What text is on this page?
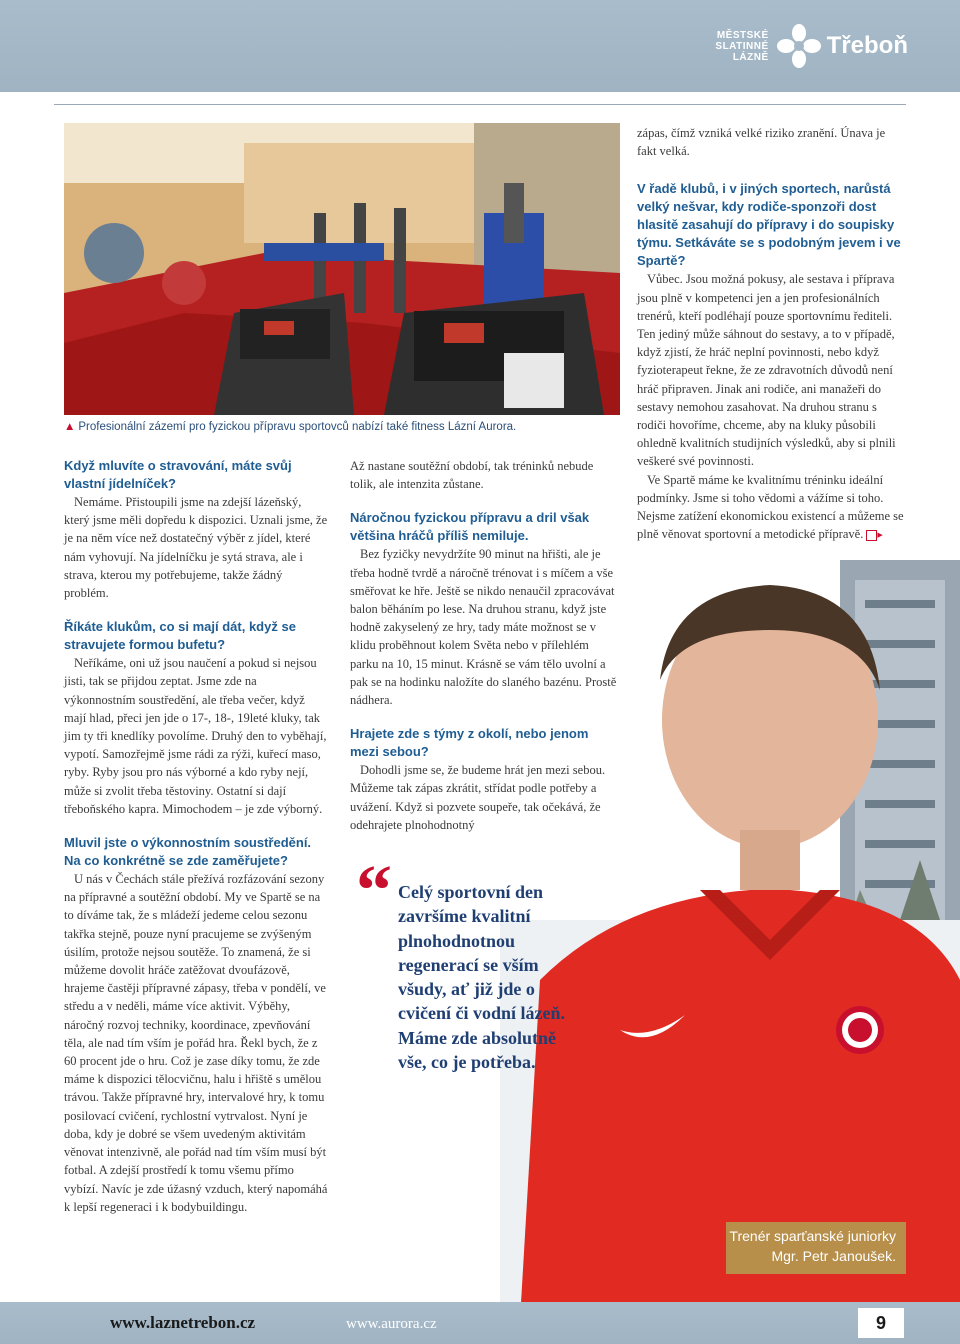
MĚSTSKÉ
SLATINNÉ
LÁZNĚ Třeboň
▲ Profesionální zázemí pro fyzickou přípravu sportovců nabízí také fitness Lázní Aurora.
“ Celý sportovní den završíme kvalitní plnohodnotnou regenerací se vším všudy, ať již jde o cvičení či vodní lázeň. Máme zde absolutně vše, co je potřeba.
Trenér sparťanské juniorky
Mgr. Petr Janoušek.
Když mluvíte o stravování, máte svůj vlastní jídelníček?

Nemáme. Přistoupili jsme na zdejší lázeňský, který jsme měli dopředu k dispozici. Uznali jsme, že je na něm více než dostatečný výběr z jídel, které nám vyhovují. Na jídelníčku je sytá strava, ale i strava, kterou my potřebujeme, takže žádný problém.

Říkáte klukům, co si mají dát, když se stravujete formou bufetu?

Neříkáme, oni už jsou naučení a pokud si nejsou jisti, tak se přijdou zeptat. Jsme zde na výkonnostním soustředění, ale třeba večer, když mají hlad, přeci jen jde o 17-, 18-, 19leté kluky, tak jim ty tři knedlíky povolíme. Druhý den to vyběhají, vypotí. Samozřejmě jsme rádi za rýži, kuřecí maso, ryby. Ryby jsou pro nás výborné a kdo ryby nejí, může si zvolit třeba těstoviny. Ostatní si dají třeboňského kapra. Mimochodem – je zde výborný.

Mluvil jste o výkonnostním soustředění. Na co konkrétně se zde zaměřujete?

U nás v Čechách stále přežívá rozfázování sezony na přípravné a soutěžní období. My ve Spartě se na to díváme tak, že s mládeží jedeme celou sezonu takřka stejně, pouze nyní pracujeme se zvýšeným úsilím, protože nejsou soutěže. To znamená, že si můžeme dovolit hráče zatěžovat dvoufázově, hrajeme častěji přípravné zápasy, třeba v pondělí, ve středu a v neděli, máme více aktivit. Výběhy, náročný rozvoj techniky, koordinace, zpevňování těla, ale nad tím vším je pořád hra. Řekl bych, že z 60 procent jde o hru. Což je zase díky tomu, že zde máme k dispozici tělocvičnu, halu i hřiště s umělou trávou. Takže přípravné hry, intervalové hry, k tomu posilovací cvičení, rychlostní vytrvalost. Nyní je doba, kdy je dobré se všem uvedeným aktivitám věnovat intenzivně, ale pořád nad tím vším musí být fotbal. A zdejší prostředí k tomu všemu přímo vybízí. Navíc je zde úžasný vzduch, který napomáhá k lepší regeneraci i k bodybuildingu.

Až nastane soutěžní období, tak tréninků nebude tolik, ale intenzita zůstane.

Náročnou fyzickou přípravu a dril však většina hráčů příliš nemiluje.

Bez fyzičky nevydržíte 90 minut na hřišti, ale je třeba hodně tvrdě a náročně trénovat i s míčem a vše směřovat ke hře. Ještě se nikdo nenaučil zpracovávat balon běháním po lese. Na druhou stranu, když jste hodně zakyselený ze hry, tady máte možnost se v klidu proběhnout kolem Světa nebo v přílehlém parku na 10, 15 minut. Krásně se vám tělo uvolní a pak se na hodinku naložíte do slaného bazénu. Prostě nádhera.

Hrajete zde s týmy z okolí, nebo jenom mezi sebou?

Dohodli jsme se, že budeme hrát jen mezi sebou. Můžeme tak zápas zkrátit, střídat podle potřeby a uvážení. Když si pozvete soupeře, tak očekává, že odehrajete plnohodnotný

zápas, čímž vzniká velké riziko zranění. Únava je fakt velká.

V řadě klubů, i v jiných sportech, narůstá velký nešvar, kdy rodiče-sponzoři dost hlasitě zasahují do přípravy i do soupisky týmu. Setkáváte se s podobným jevem i ve Spartě?

Vůbec. Jsou možná pokusy, ale sestava i příprava jsou plně v kompetenci jen a jen profesionálních trenérů, kteří podléhají pouze sportovnímu řediteli. Ten jediný může sáhnout do sestavy, a to v případě, když zjistí, že hráč neplní povinnosti, nebo když fyzioterapeut řekne, že ze zdravotních důvodů není hráč připraven. Jinak ani rodiče, ani manažeři do sestavy nemohou zasahovat. Na druhou stranu s rodiči hovoříme, chceme, aby na kluky působili ohledně kvalitních studijních výsledků, aby si plnili veškeré své povinnosti.

Ve Spartě máme ke kvalitnímu tréninku ideální podmínky. Jsme si toho vědomi a vážíme si toho. Nejsme zatížení ekonomickou existencí a můžeme se plně věnovat sportovní a metodické přípravě. ▶

www.laznetrebon.cz	www.aurora.cz	9
